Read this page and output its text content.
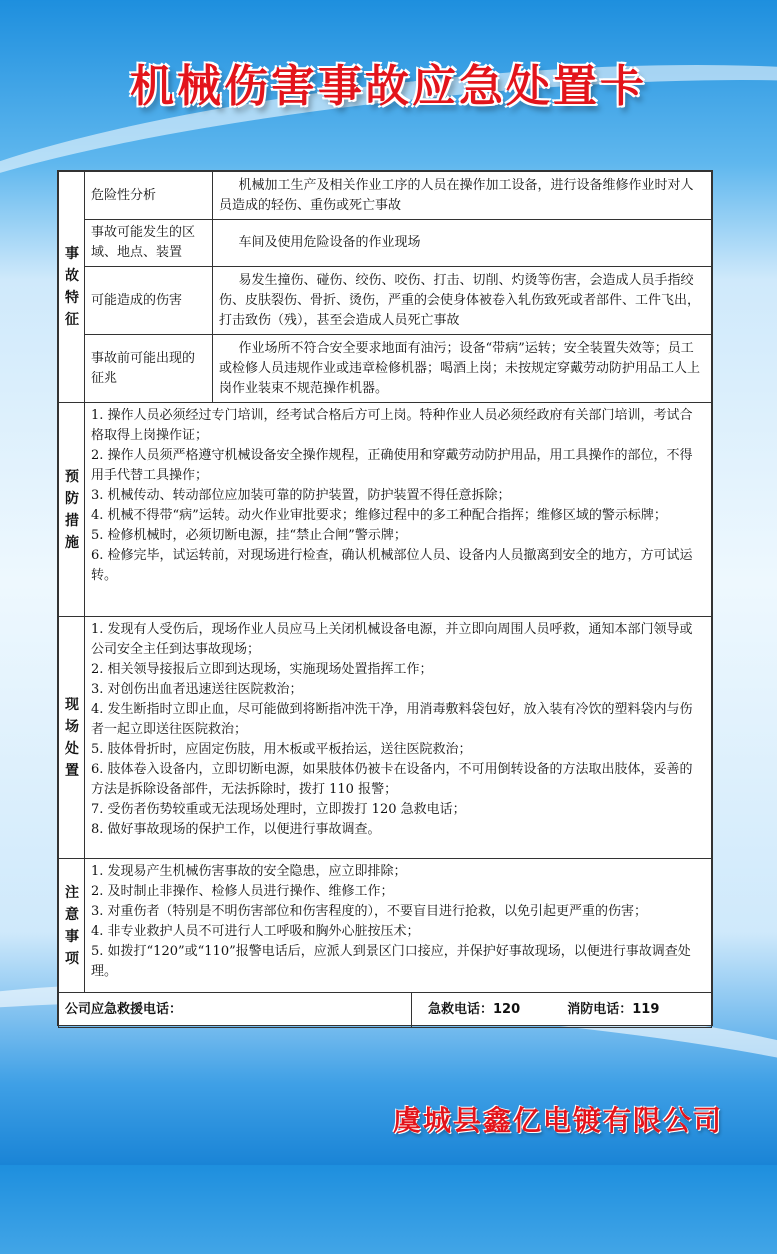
机械伤害事故应急处置卡
事
故
特
征
	危险性分析	机械加工生产及相关作业工序的人员在操作加工设备，进行设备维修作业时对人员造成的轻伤、重伤或死亡事故
事故可能发生的区域、地点、装置	车间及使用危险设备的作业现场
可能造成的伤害	易发生撞伤、碰伤、绞伤、咬伤、打击、切削、灼烫等伤害，会造成人员手指绞伤、皮肤裂伤、骨折、烫伤，严重的会使身体被卷入轧伤致死或者部件、工件飞出，打击致伤（残），甚至会造成人员死亡事故
事故前可能出现的征兆	作业场所不符合安全要求地面有油污；设备“带病”运转；安全装置失效等；员工或检修人员违规作业或违章检修机器；喝酒上岗；未按规定穿戴劳动防护用品工人上岗作业装束不规范操作机器。

预
防
措
施

1. 操作人员必须经过专门培训，经考试合格后方可上岗。特种作业人员必须经政府有关部门培训，考试合格取得上岗操作证；
2. 操作人员须严格遵守机械设备安全操作规程，正确使用和穿戴劳动防护用品，用工具操作的部位，不得用手代替工具操作；
3. 机械传动、转动部位应加装可靠的防护装置，防护装置不得任意拆除；
4. 机械不得带“病”运转。动火作业审批要求；维修过程中的多工种配合指挥；维修区域的警示标牌；
5. 检修机械时，必须切断电源，挂“禁止合闸”警示牌；
6. 检修完毕，试运转前，对现场进行检查，确认机械部位人员、设备内人员撤离到安全的地方，方可试运转。

现
场
处
置

1. 发现有人受伤后，现场作业人员应马上关闭机械设备电源，并立即向周围人员呼救，通知本部门领导或公司安全主任到达事故现场；
2. 相关领导接报后立即到达现场，实施现场处置指挥工作；
3. 对创伤出血者迅速送往医院救治；
4. 发生断指时立即止血，尽可能做到将断指冲洗干净，用消毒敷料袋包好，放入装有冷饮的塑料袋内与伤者一起立即送往医院救治；
5. 肢体骨折时，应固定伤肢，用木板或平板抬运，送往医院救治；
6. 肢体卷入设备内，立即切断电源，如果肢体仍被卡在设备内，不可用倒转设备的方法取出肢体，妥善的方法是拆除设备部件，无法拆除时，拨打 110 报警；
7. 受伤者伤势较重或无法现场处理时，立即拨打 120 急救电话；
8. 做好事故现场的保护工作，以便进行事故调查。

注
意
事
项

1. 发现易产生机械伤害事故的安全隐患，应立即排除；
2. 及时制止非操作、检修人员进行操作、维修工作；
3. 对重伤者（特别是不明伤害部位和伤害程度的），不要盲目进行抢救，以免引起更严重的伤害；
4. 非专业救护人员不可进行人工呼吸和胸外心脏按压术；
5. 如拨打“120”或“110”报警电话后，应派人到景区门口接应，并保护好事故现场，以便进行事故调查处理。

公司应急救援电话：	急救电话：120	消防电话：119
虞城县鑫亿电镀有限公司
